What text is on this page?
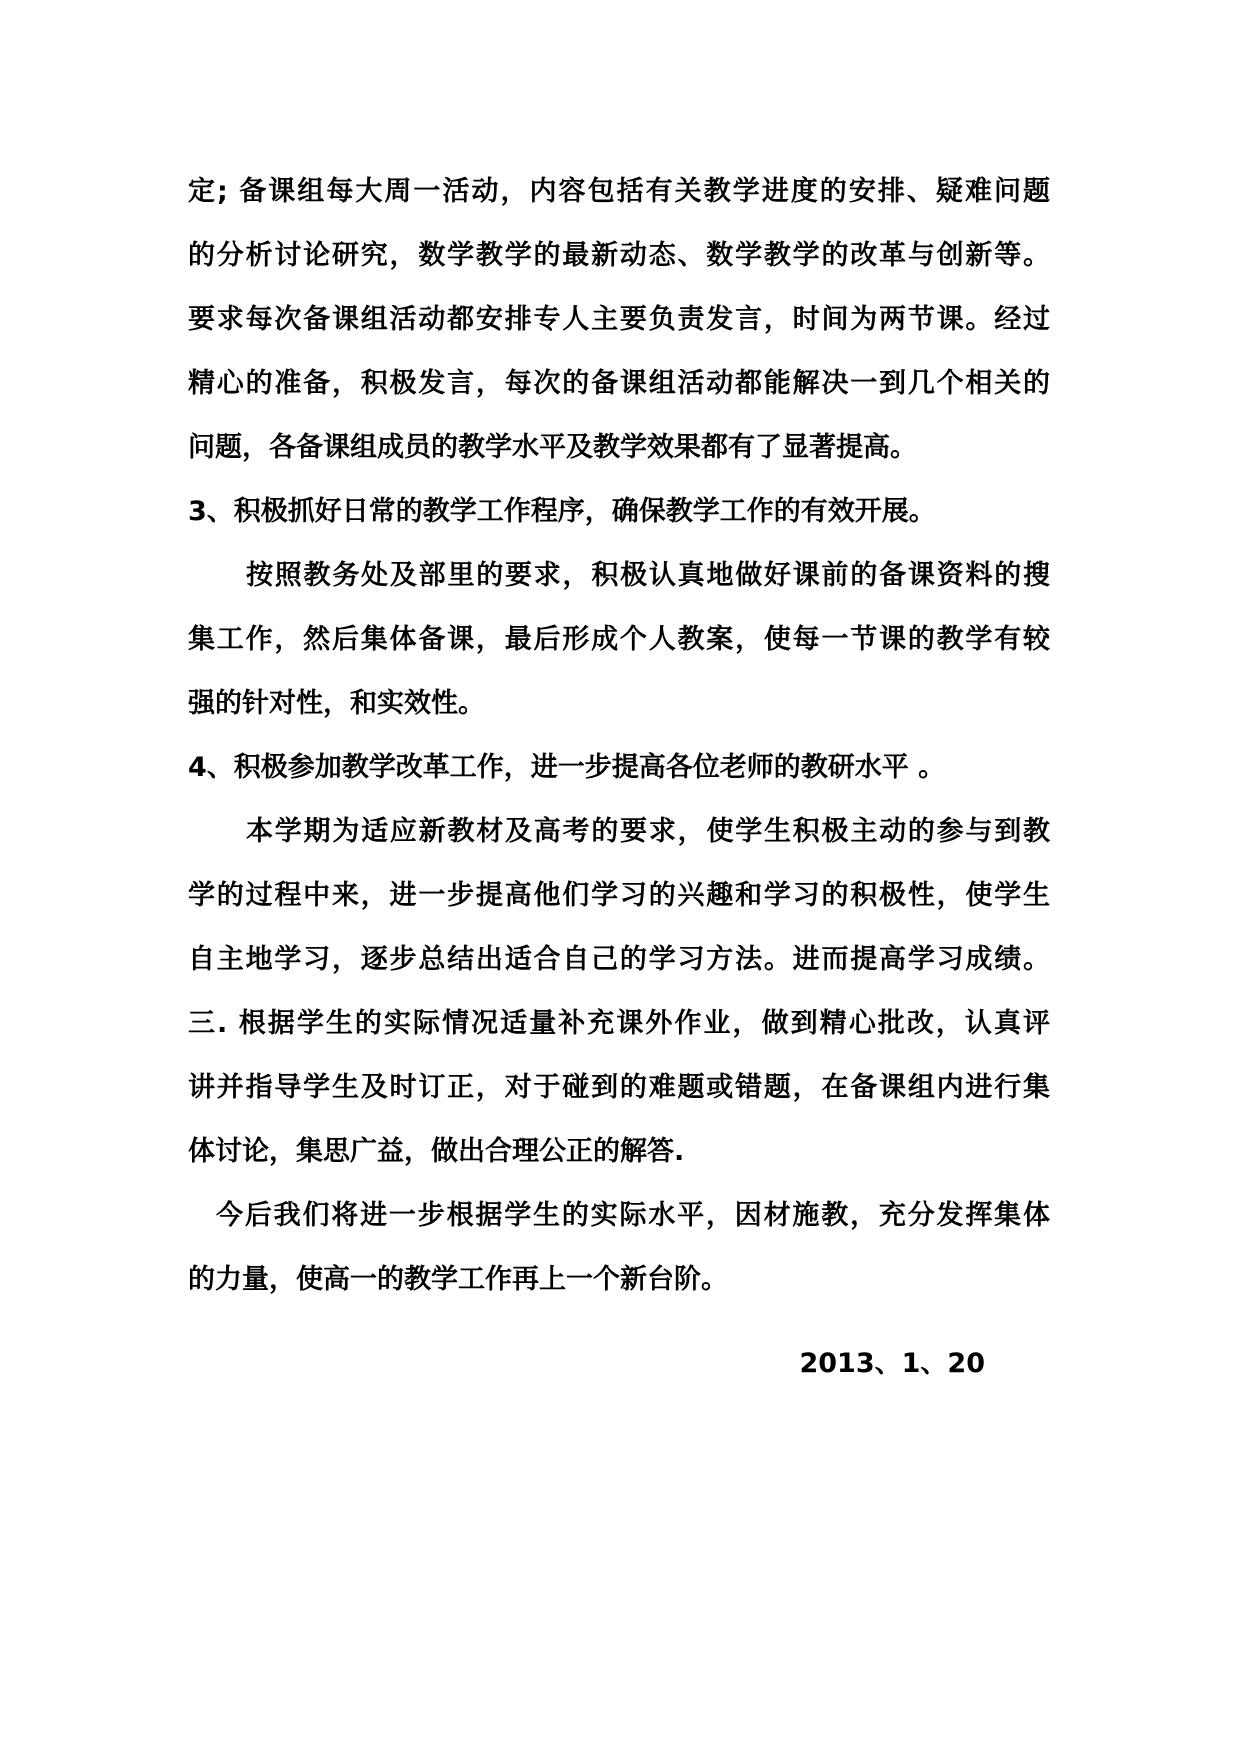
定; 备课组每大周一活动，内容包括有关教学进度的安排、疑难问题
的分析讨论研究，数学教学的最新动态、数学教学的改革与创新等。
要求每次备课组活动都安排专人主要负责发言，时间为两节课。经过
精心的准备，积极发言，每次的备课组活动都能解决一到几个相关的
问题，各备课组成员的教学水平及教学效果都有了显著提高。
3、积极抓好日常的教学工作程序，确保教学工作的有效开展。
按照教务处及部里的要求，积极认真地做好课前的备课资料的搜
集工作，然后集体备课，最后形成个人教案，使每一节课的教学有较
强的针对性，和实效性。
4、积极参加教学改革工作，进一步提高各位老师的教研水平 。
本学期为适应新教材及高考的要求，使学生积极主动的参与到教
学的过程中来，进一步提高他们学习的兴趣和学习的积极性，使学生
自主地学习，逐步总结出适合自己的学习方法。进而提高学习成绩。
三. 根据学生的实际情况适量补充课外作业，做到精心批改，认真评
讲并指导学生及时订正，对于碰到的难题或错题，在备课组内进行集
体讨论，集思广益，做出合理公正的解答.
今后我们将进一步根据学生的实际水平，因材施教，充分发挥集体
的力量，使高一的教学工作再上一个新台阶。
2013、1、20
